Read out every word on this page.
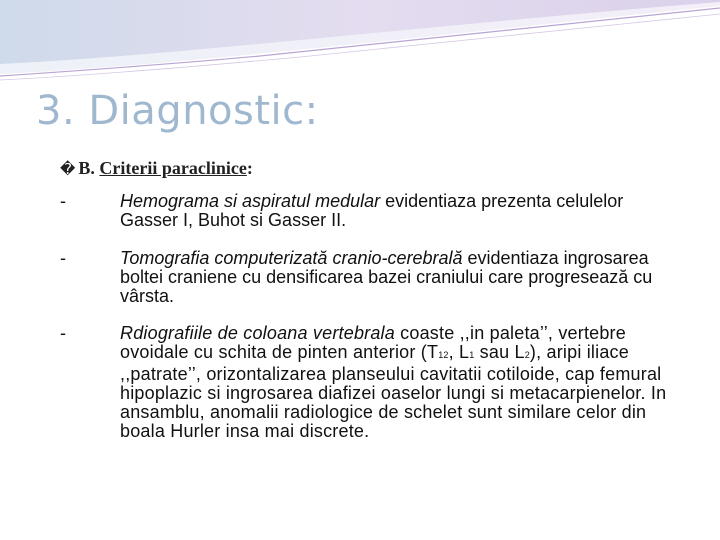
3. Diagnostic:
� B. Criterii paraclinice:
-	Hemograma si aspiratul medular evidentiaza prezenta celulelor Gasser I, Buhot si Gasser II.
-	Tomografia computerizată cranio-cerebrală evidentiaza ingrosarea boltei craniene cu densificarea bazei craniului care progresează cu vârsta.
-	Rdiografiile de coloana vertebrala coaste ,,in paleta’’, vertebre ovoidale cu schita de pinten anterior (T12, L1 sau L2), aripi iliace ,,patrate’’, orizontalizarea planseului cavitatii cotiloide, cap femural hipoplazic si ingrosarea diafizei oaselor lungi si metacarpienelor. In ansamblu, anomalii radiologice de schelet sunt similare celor din boala Hurler insa mai discrete.
